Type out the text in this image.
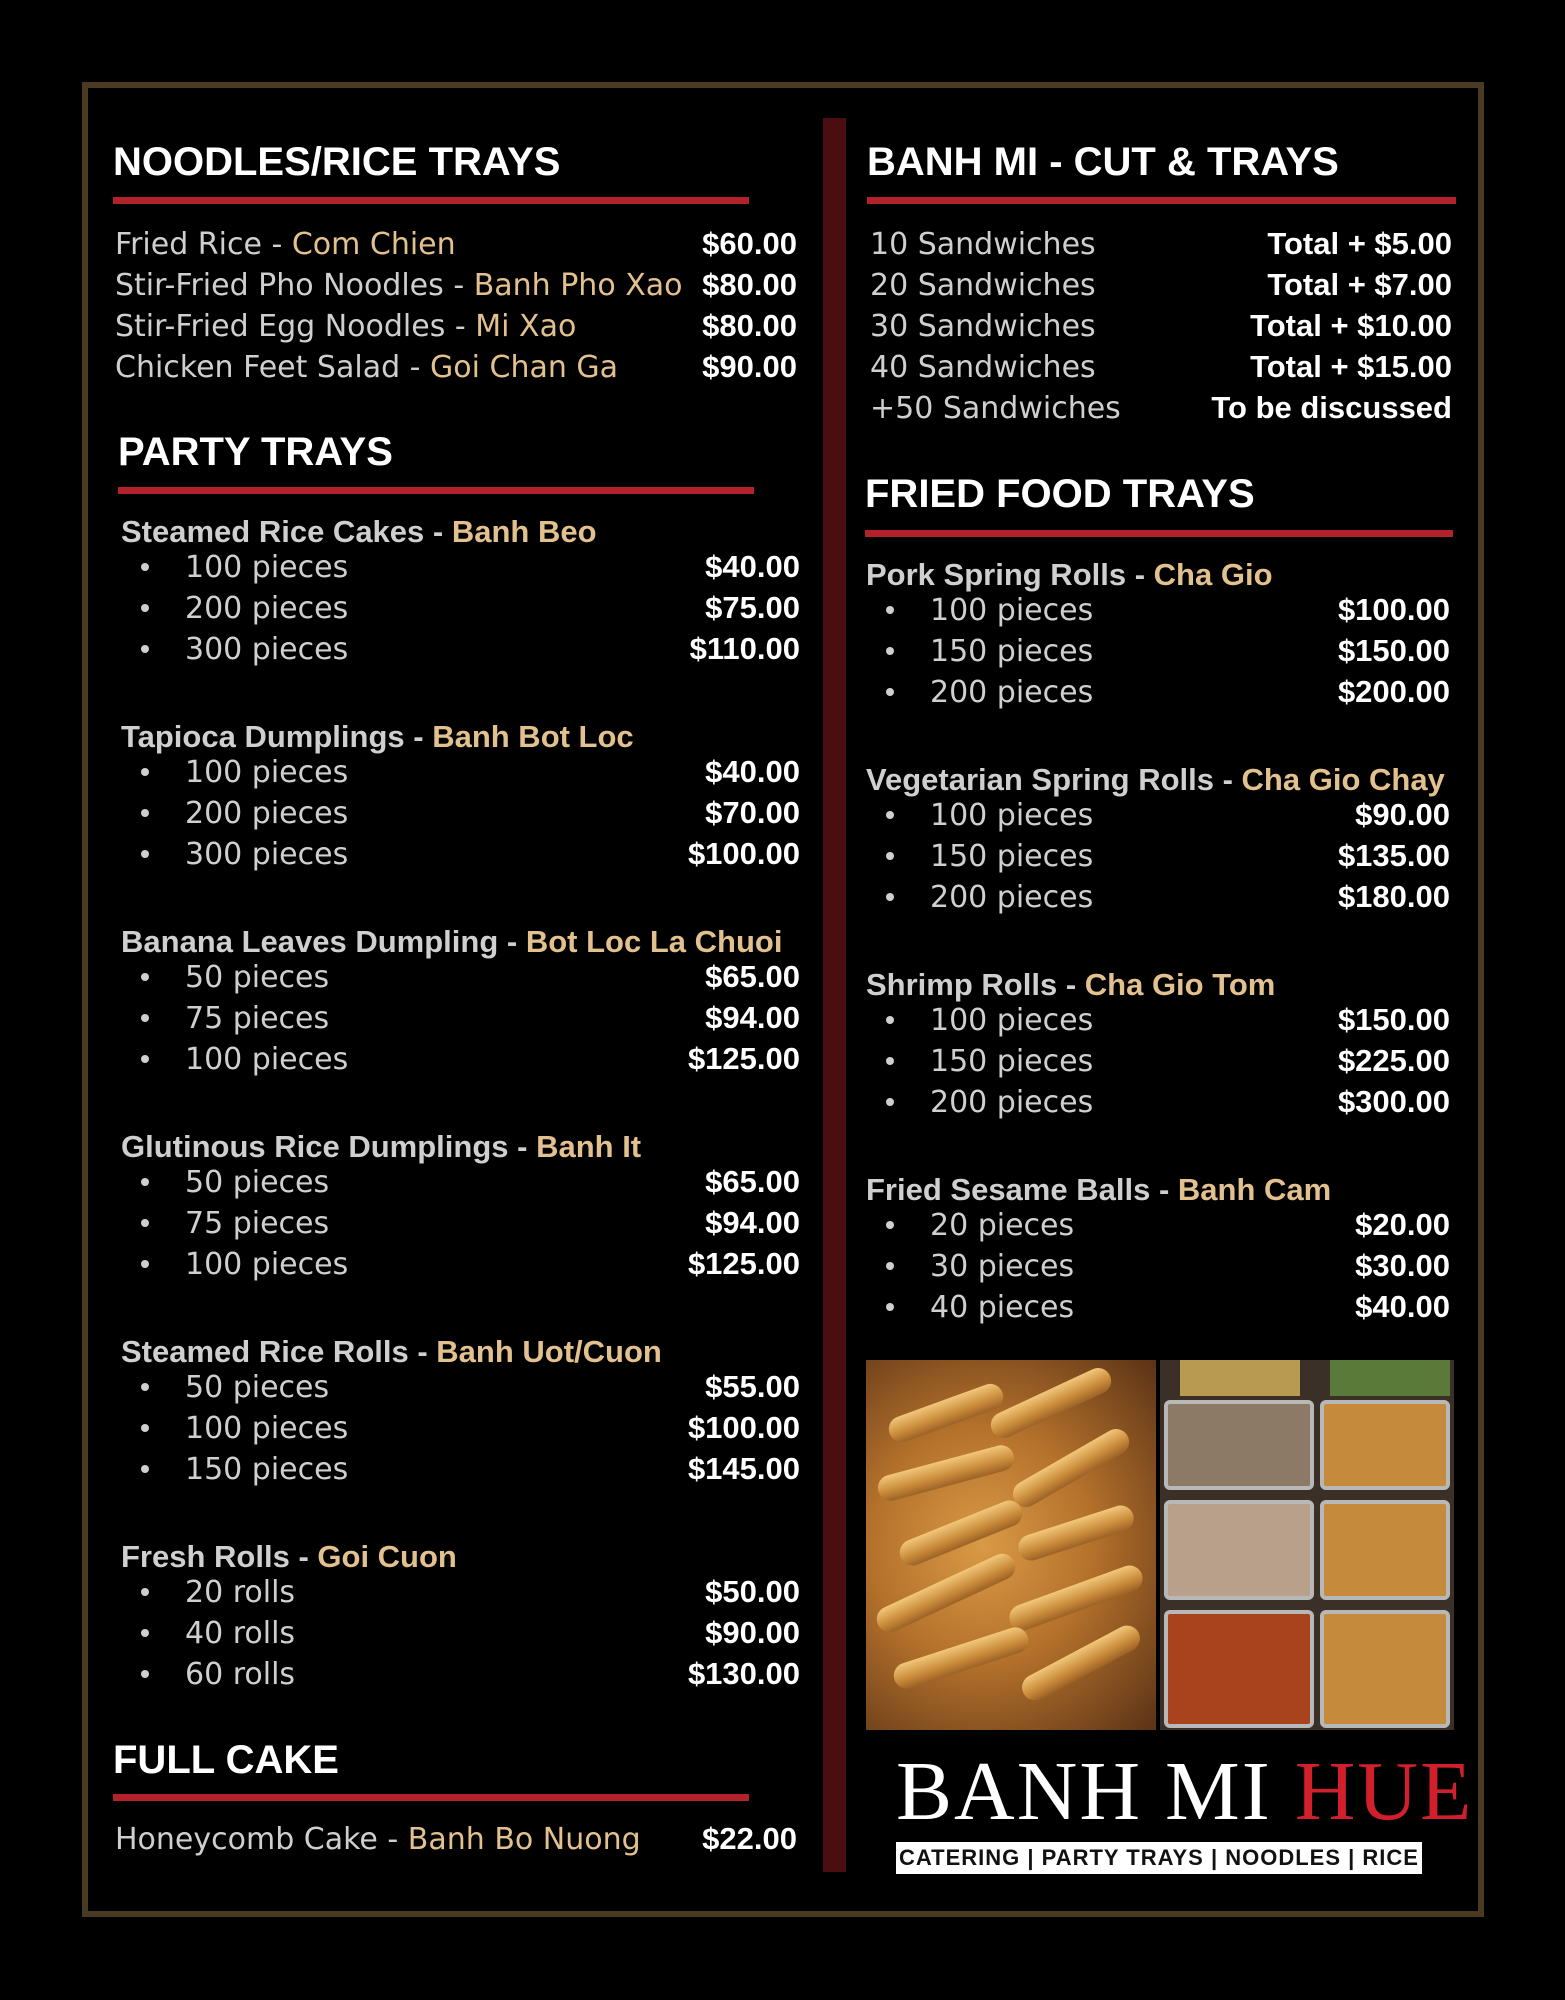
NOODLES/RICE TRAYS
Fried Rice - Com Chien	$60.00
Stir-Fried Pho Noodles - Banh Pho Xao $80.00
Stir-Fried Egg Noodles - Mi Xao	$80.00
Chicken Feet Salad - Goi Chan Ga	$90.00
PARTY TRAYS
Steamed Rice Cakes - Banh Beo
100 pieces	$40.00
200 pieces	$75.00
300 pieces	$110.00
Tapioca Dumplings - Banh Bot Loc
100 pieces	$40.00
200 pieces	$70.00
300 pieces	$100.00
Banana Leaves Dumpling - Bot Loc La Chuoi
50 pieces	$65.00
75 pieces	$94.00
100 pieces	$125.00
Glutinous Rice Dumplings - Banh It
50 pieces	$65.00
75 pieces	$94.00
100 pieces	$125.00
Steamed Rice Rolls - Banh Uot/Cuon
50 pieces	$55.00
100 pieces	$100.00
150 pieces	$145.00
Fresh Rolls - Goi Cuon
20 rolls	$50.00
40 rolls	$90.00
60 rolls	$130.00
FULL CAKE
Honeycomb Cake - Banh Bo Nuong $22.00
BANH MI - CUT & TRAYS
10 Sandwiches	Total + $5.00
20 Sandwiches	Total + $7.00
30 Sandwiches	Total + $10.00
40 Sandwiches	Total + $15.00
+50 Sandwiches	To be discussed
FRIED FOOD TRAYS
Pork Spring Rolls - Cha Gio
100 pieces	$100.00
150 pieces	$150.00
200 pieces	$200.00
Vegetarian Spring Rolls - Cha Gio Chay
100 pieces	$90.00
150 pieces	$135.00
200 pieces	$180.00
Shrimp Rolls - Cha Gio Tom
100 pieces	$150.00
150 pieces	$225.00
200 pieces	$300.00
Fried Sesame Balls - Banh Cam
20 pieces	$20.00
30 pieces	$30.00
40 pieces	$40.00
BANH MI HUE
CATERING | PARTY TRAYS | NOODLES | RICE
